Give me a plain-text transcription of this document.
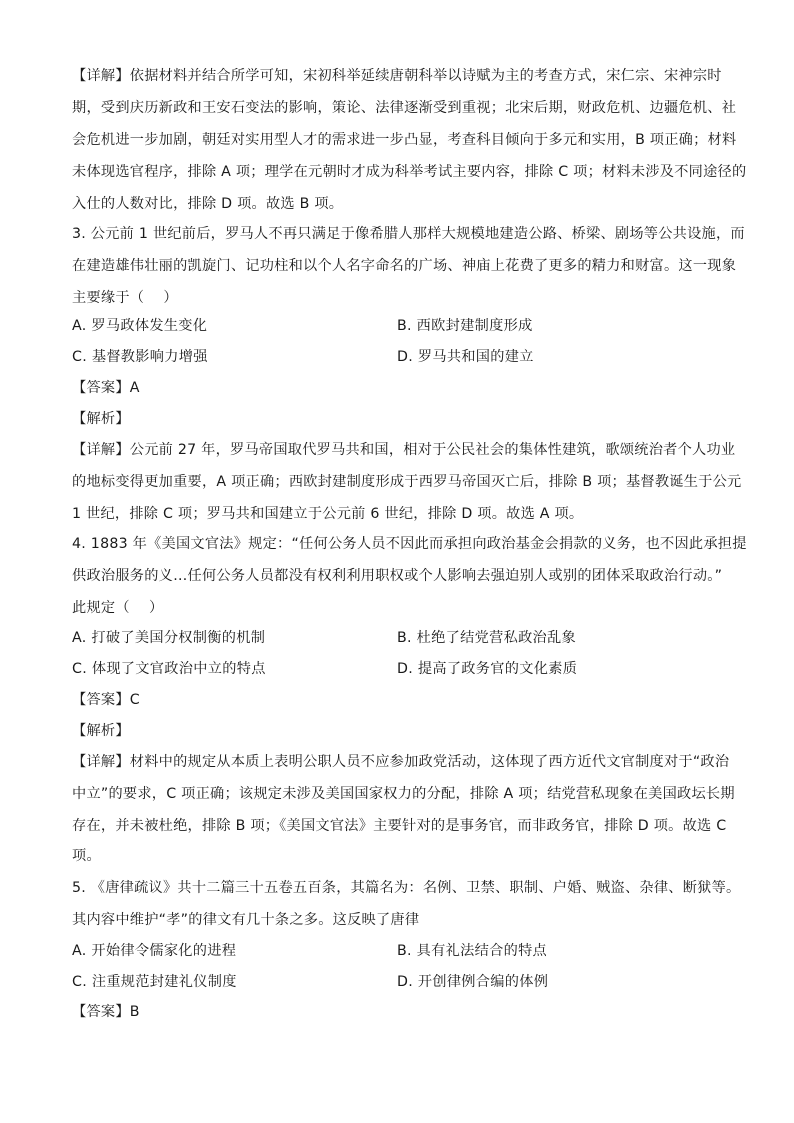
【详解】依据材料并结合所学可知，宋初科举延续唐朝科举以诗赋为主的考查方式，宋仁宗、宋神宗时
期，受到庆历新政和王安石变法的影响，策论、法律逐渐受到重视；北宋后期，财政危机、边疆危机、社
会危机进一步加剧，朝廷对实用型人才的需求进一步凸显，考查科目倾向于多元和实用，B 项正确；材料
未体现选官程序，排除 A 项；理学在元朝时才成为科举考试主要内容，排除 C 项；材料未涉及不同途径的
入仕的人数对比，排除 D 项。故选 B 项。
3. 公元前 1 世纪前后，罗马人不再只满足于像希腊人那样大规模地建造公路、桥梁、剧场等公共设施，而
在建造雄伟壮丽的凯旋门、记功柱和以个人名字命名的广场、神庙上花费了更多的精力和财富。这一现象
主要缘于（　 ）
A. 罗马政体发生变化	B. 西欧封建制度形成
C. 基督教影响力增强	D. 罗马共和国的建立
【答案】A
【解析】
【详解】公元前 27 年，罗马帝国取代罗马共和国，相对于公民社会的集体性建筑，歌颂统治者个人功业
的地标变得更加重要，A 项正确；西欧封建制度形成于西罗马帝国灭亡后，排除 B 项；基督教诞生于公元
1 世纪，排除 C 项；罗马共和国建立于公元前 6 世纪，排除 D 项。故选 A 项。
4. 1883 年《美国文官法》规定：“任何公务人员不因此而承担向政治基金会捐款的义务，也不因此承担提
供政治服务的义…任何公务人员都没有权利利用职权或个人影响去强迫别人或别的团体采取政治行动。”
此规定（　 ）
A. 打破了美国分权制衡的机制	B. 杜绝了结党营私政治乱象
C. 体现了文官政治中立的特点	D. 提高了政务官的文化素质
【答案】C
【解析】
【详解】材料中的规定从本质上表明公职人员不应参加政党活动，这体现了西方近代文官制度对于“政治
中立”的要求，C 项正确；该规定未涉及美国国家权力的分配，排除 A 项；结党营私现象在美国政坛长期
存在，并未被杜绝，排除 B 项；《美国文官法》主要针对的是事务官，而非政务官，排除 D 项。故选 C
项。
5. 《唐律疏议》共十二篇三十五卷五百条，其篇名为：名例、卫禁、职制、户婚、贼盗、杂律、断狱等。
其内容中维护“孝”的律文有几十条之多。这反映了唐律
A. 开始律令儒家化的进程	B. 具有礼法结合的特点
C. 注重规范封建礼仪制度	D. 开创律例合编的体例
【答案】B
